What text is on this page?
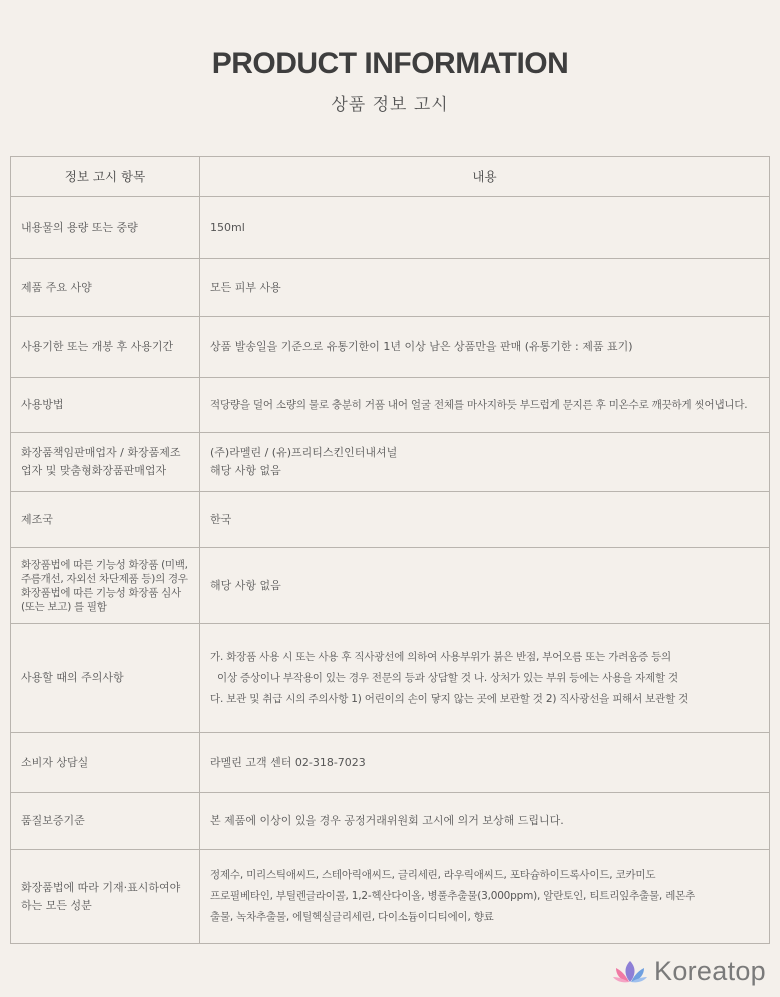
PRODUCT INFORMATION
상품 정보 고시
정보 고시 항목	내용
내용물의 용량 또는 중량	150ml

제품 주요 사양	모든 피부 사용

사용기한 또는 개봉 후 사용기간	상품 발송일을 기준으로 유통기한이 1년 이상 남은 상품만을 판매 (유통기한 : 제품 표기)

사용방법	적당량을 덜어 소량의 물로 충분히 거품 내어 얼굴 전체를 마사지하듯 부드럽게 문지른 후 미온수로 깨끗하게 씻어냅니다.

화장품책임판매업자 / 화장품제조업자 및 맞춤형화장품판매업자	(주)라멜린 / (유)프리티스킨인터내셔널

해당 사항 없음

제조국	한국

화장품법에 따른 기능성 화장품 (미백, 주름개선, 자외선 차단제품 등)의 경우 화장품법에 따른 기능성 화장품 심사 (또는 보고) 를 필함	해당 사항 없음

사용할 때의 주의사항	가. 화장품 사용 시 또는 사용 후 직사광선에 의하여 사용부위가 붉은 반점, 부어오름 또는 가려움증 등의

이상 증상이나 부작용이 있는 경우 전문의 등과 상담할 것 나. 상처가 있는 부위 등에는 사용을 자제할 것

다. 보관 및 취급 시의 주의사항 1) 어린이의 손이 닿지 않는 곳에 보관할 것 2) 직사광선을 피해서 보관할 것

소비자 상담실	라멜린 고객 센터 02-318-7023

품질보증기준	본 제품에 이상이 있을 경우 공정거래위원회 고시에 의거 보상해 드립니다.

화장품법에 따라 기재·표시하여야 하는 모든 성분	정제수, 미리스틱애씨드, 스테아릭애씨드, 글리세린, 라우릭애씨드, 포타슘하이드록사이드, 코카미도

프로필베타인, 부틸렌글라이콜, 1,2-헥산다이올, 병풀추출물(3,000ppm), 알란토인, 티트리잎추출물, 레몬추

출물, 녹차추출물, 에틸헥실글리세린, 다이소듐이디티에이, 향료

Koreatop
